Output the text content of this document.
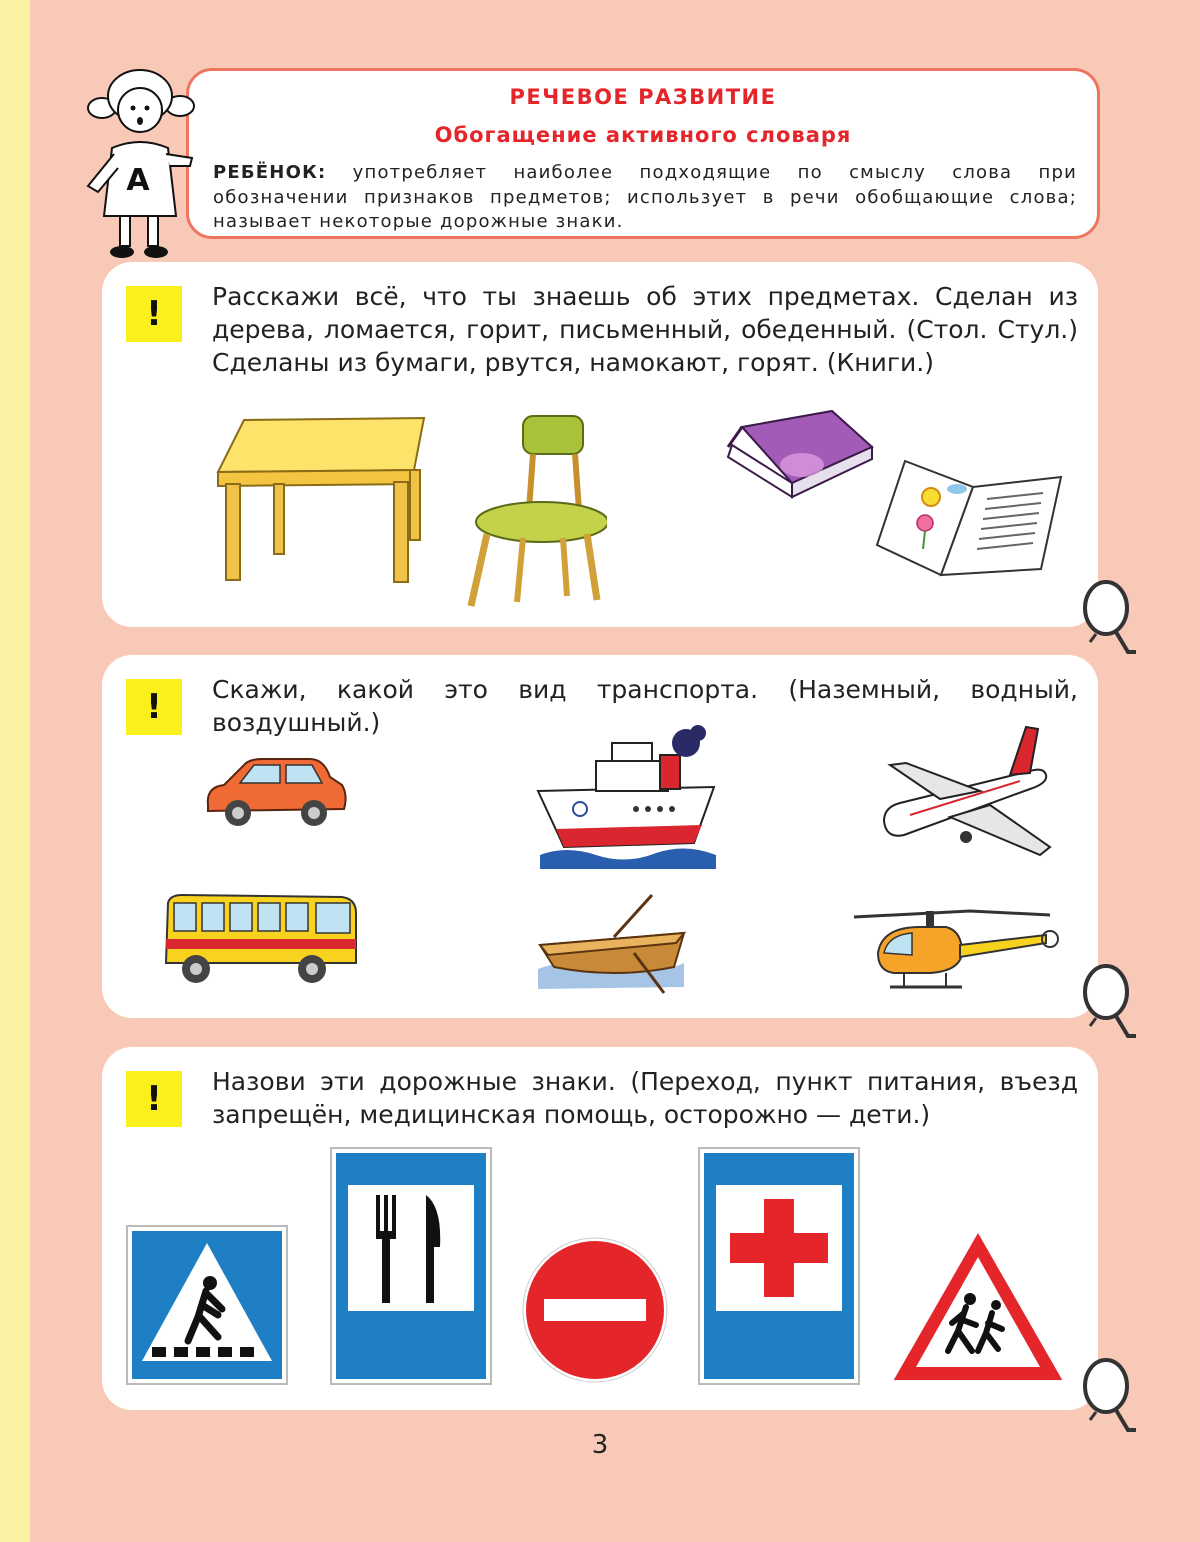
РЕЧЕВОЕ РАЗВИТИЕ
Обогащение активного словаря
РЕБЁНОК: употребляет наиболее подходящие по смыслу слова при обозначении признаков предметов; использует в речи обобщающие слова; называет некоторые дорожные знаки.
А
!	Расскажи всё, что ты знаешь об этих предметах. Сделан из дерева, ломается, горит, письменный, обеденный. (Стол. Стул.) Сделаны из бумаги, рвутся, намокают, горят. (Книги.)
!	Скажи, какой это вид транспорта. (Наземный, водный, воздушный.)
!	Назови эти дорожные знаки. (Переход, пункт питания, въезд запрещён, медицинская помощь, осторожно — дети.)
3
